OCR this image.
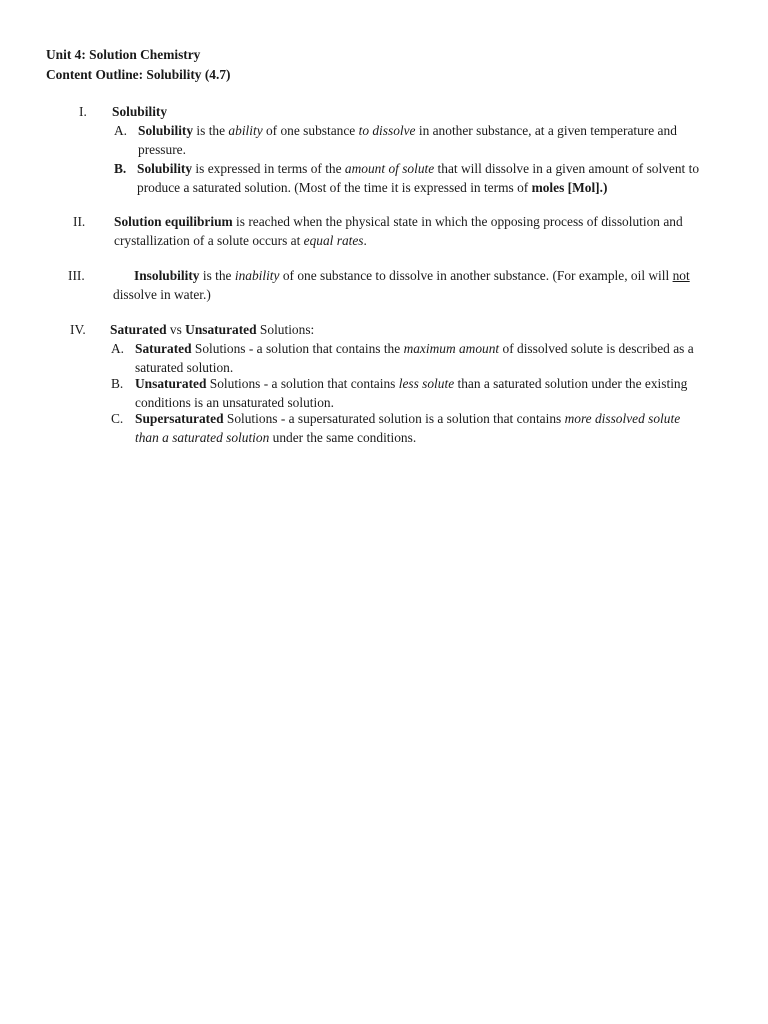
Unit 4: Solution Chemistry
Content Outline: Solubility (4.7)
I. Solubility
A. Solubility is the ability of one substance to dissolve in another substance, at a given temperature and
pressure.
B. Solubility is expressed in terms of the amount of solute that will dissolve in a given amount of solvent to
produce a saturated solution. (Most of the time it is expressed in terms of moles [Mol].)
II. Solution equilibrium is reached when the physical state in which the opposing process of dissolution and
crystallization of a solute occurs at equal rates.
III.	Insolubility is the inability of one substance to dissolve in another substance. (For example, oil will not
dissolve in water.)
IV. Saturated vs Unsaturated Solutions:
A. Saturated Solutions - a solution that contains the maximum amount of dissolved solute is described as a
saturated solution.
B. Unsaturated Solutions - a solution that contains less solute than a saturated solution under the existing
conditions is an unsaturated solution.
C. Supersaturated Solutions - a supersaturated solution is a solution that contains more dissolved solute
than a saturated solution under the same conditions.
